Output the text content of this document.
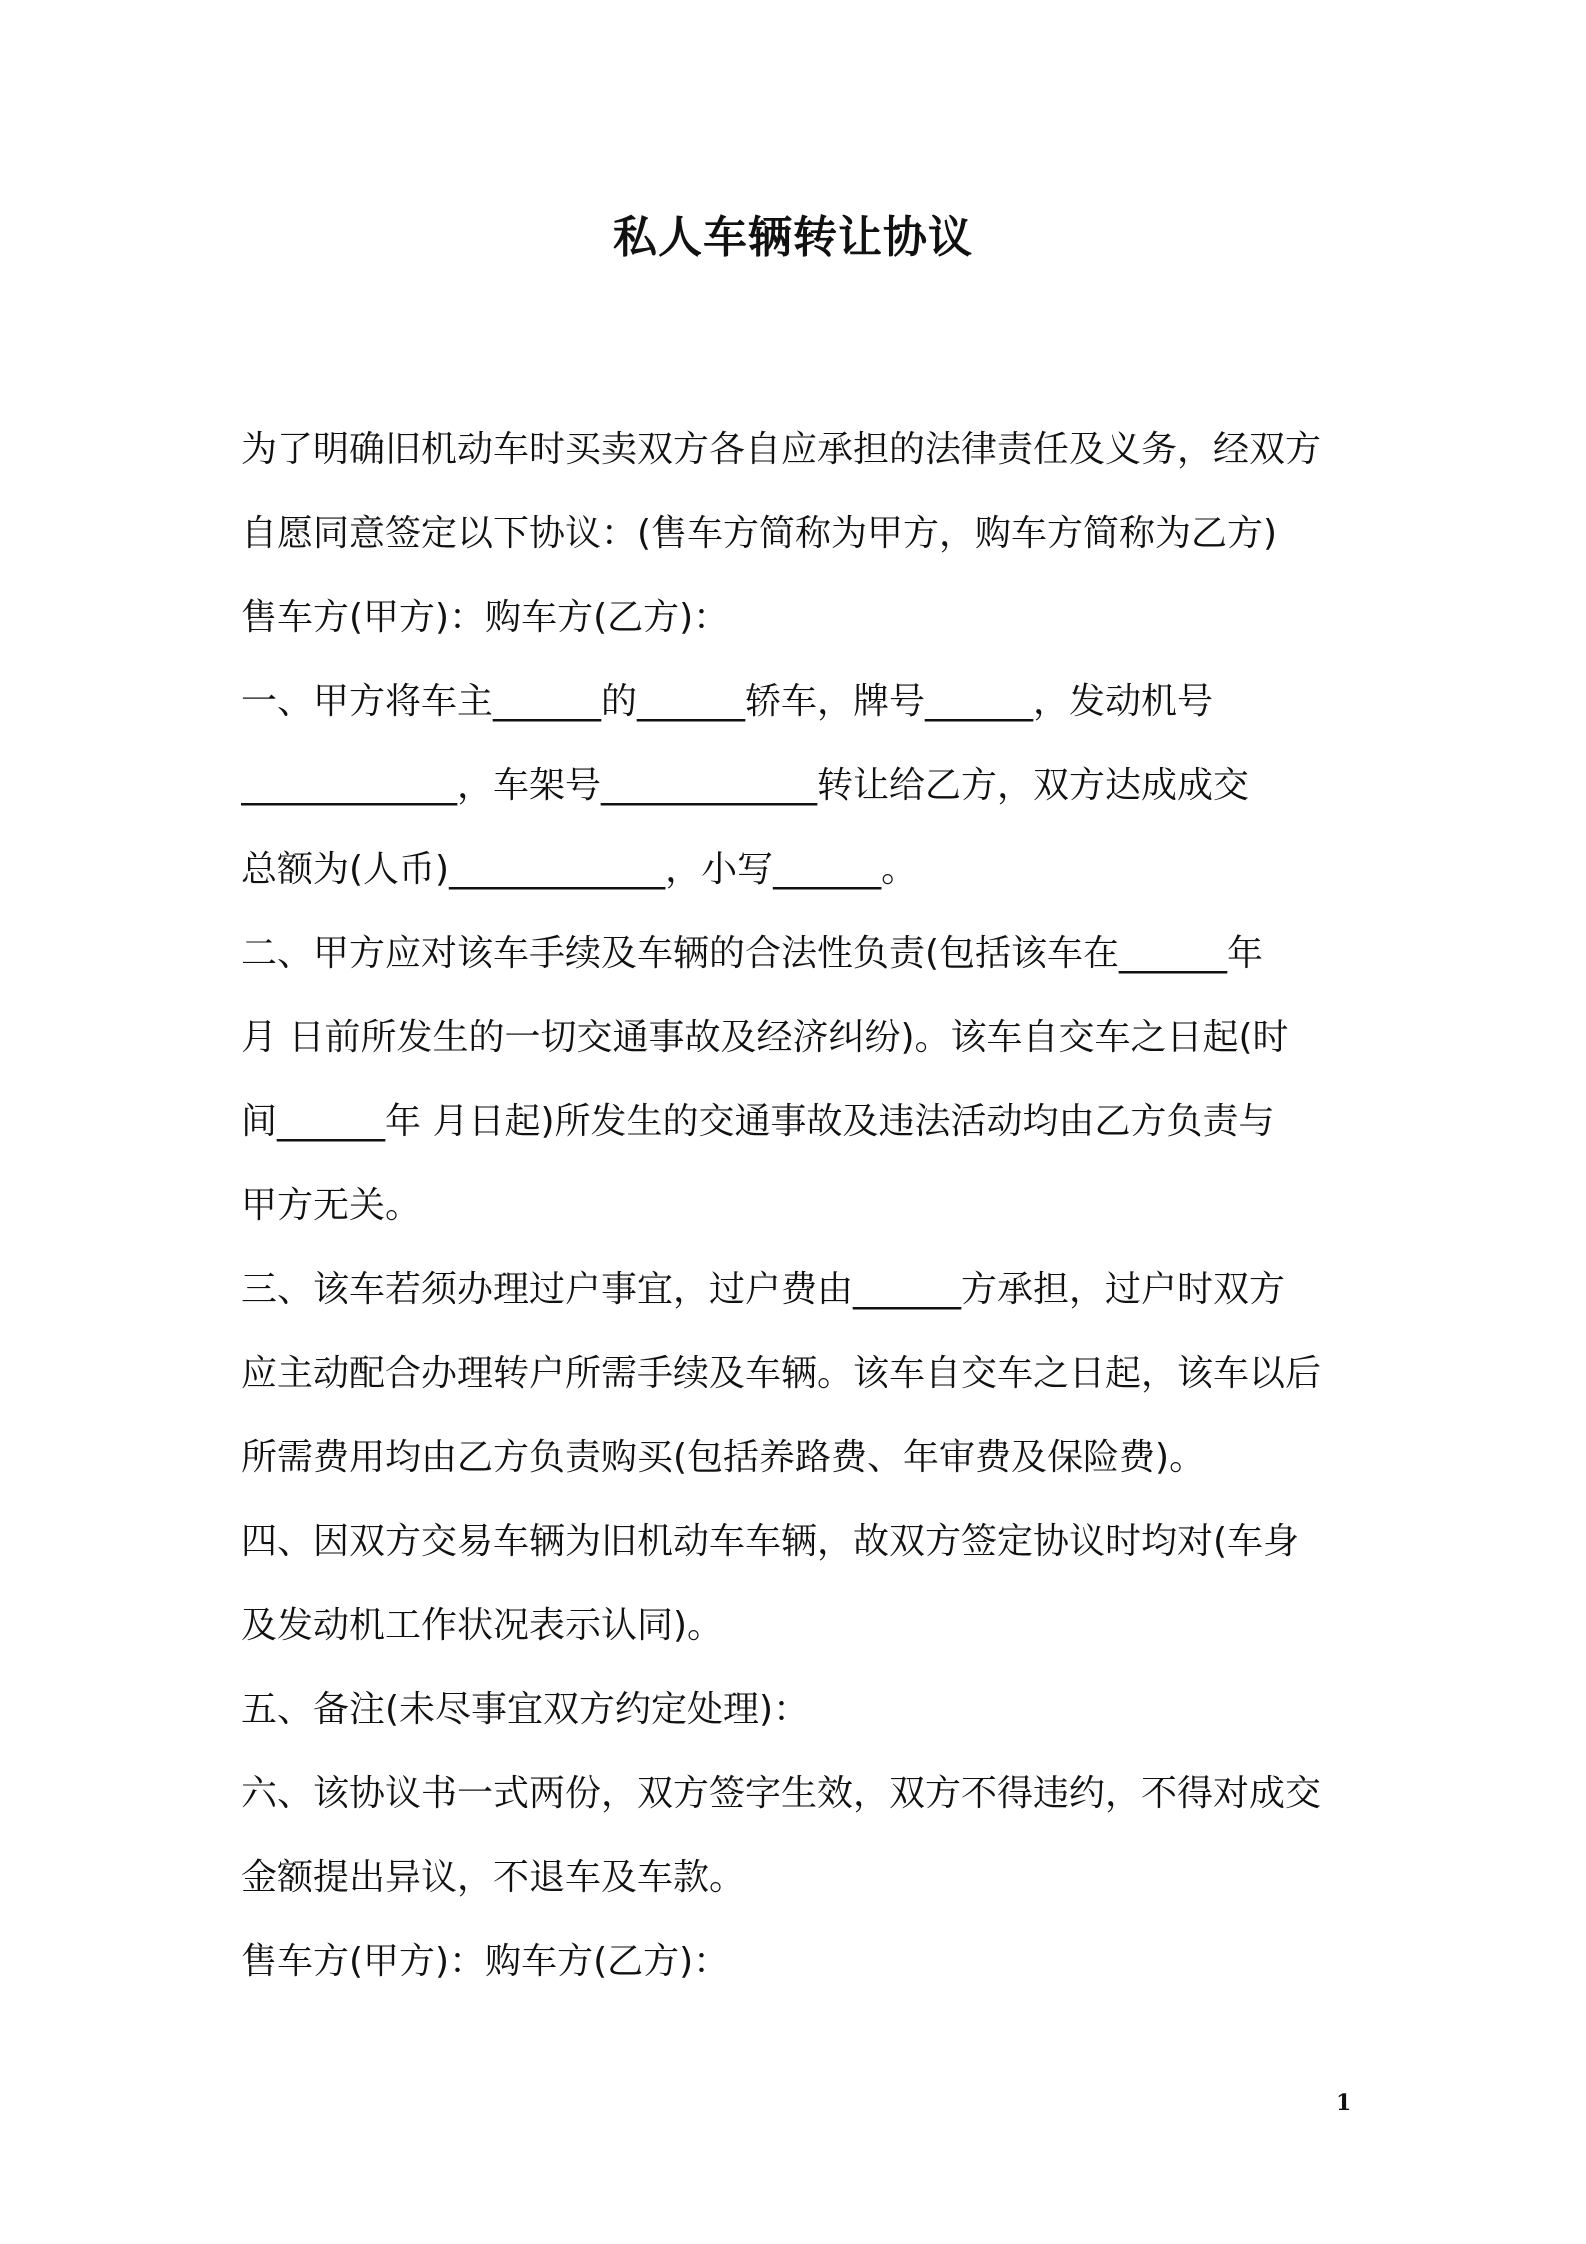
私人车辆转让协议
为了明确旧机动车时买卖双方各自应承担的法律责任及义务，经双方
自愿同意签定以下协议：(售车方简称为甲方，购车方简称为乙方)
售车方(甲方)：购车方(乙方)：
一、甲方将车主______的______轿车，牌号______，发动机号
____________，车架号____________转让给乙方，双方达成成交
总额为(人币)____________，小写______。
二、甲方应对该车手续及车辆的合法性负责(包括该车在______年
月 日前所发生的一切交通事故及经济纠纷)。该车自交车之日起(时
间______年 月日起)所发生的交通事故及违法活动均由乙方负责与
甲方无关。
三、该车若须办理过户事宜，过户费由______方承担，过户时双方
应主动配合办理转户所需手续及车辆。该车自交车之日起，该车以后
所需费用均由乙方负责购买(包括养路费、年审费及保险费)。
四、因双方交易车辆为旧机动车车辆，故双方签定协议时均对(车身
及发动机工作状况表示认同)。
五、备注(未尽事宜双方约定处理)：
六、该协议书一式两份，双方签字生效，双方不得违约，不得对成交
金额提出异议，不退车及车款。
售车方(甲方)：购车方(乙方)：
1
